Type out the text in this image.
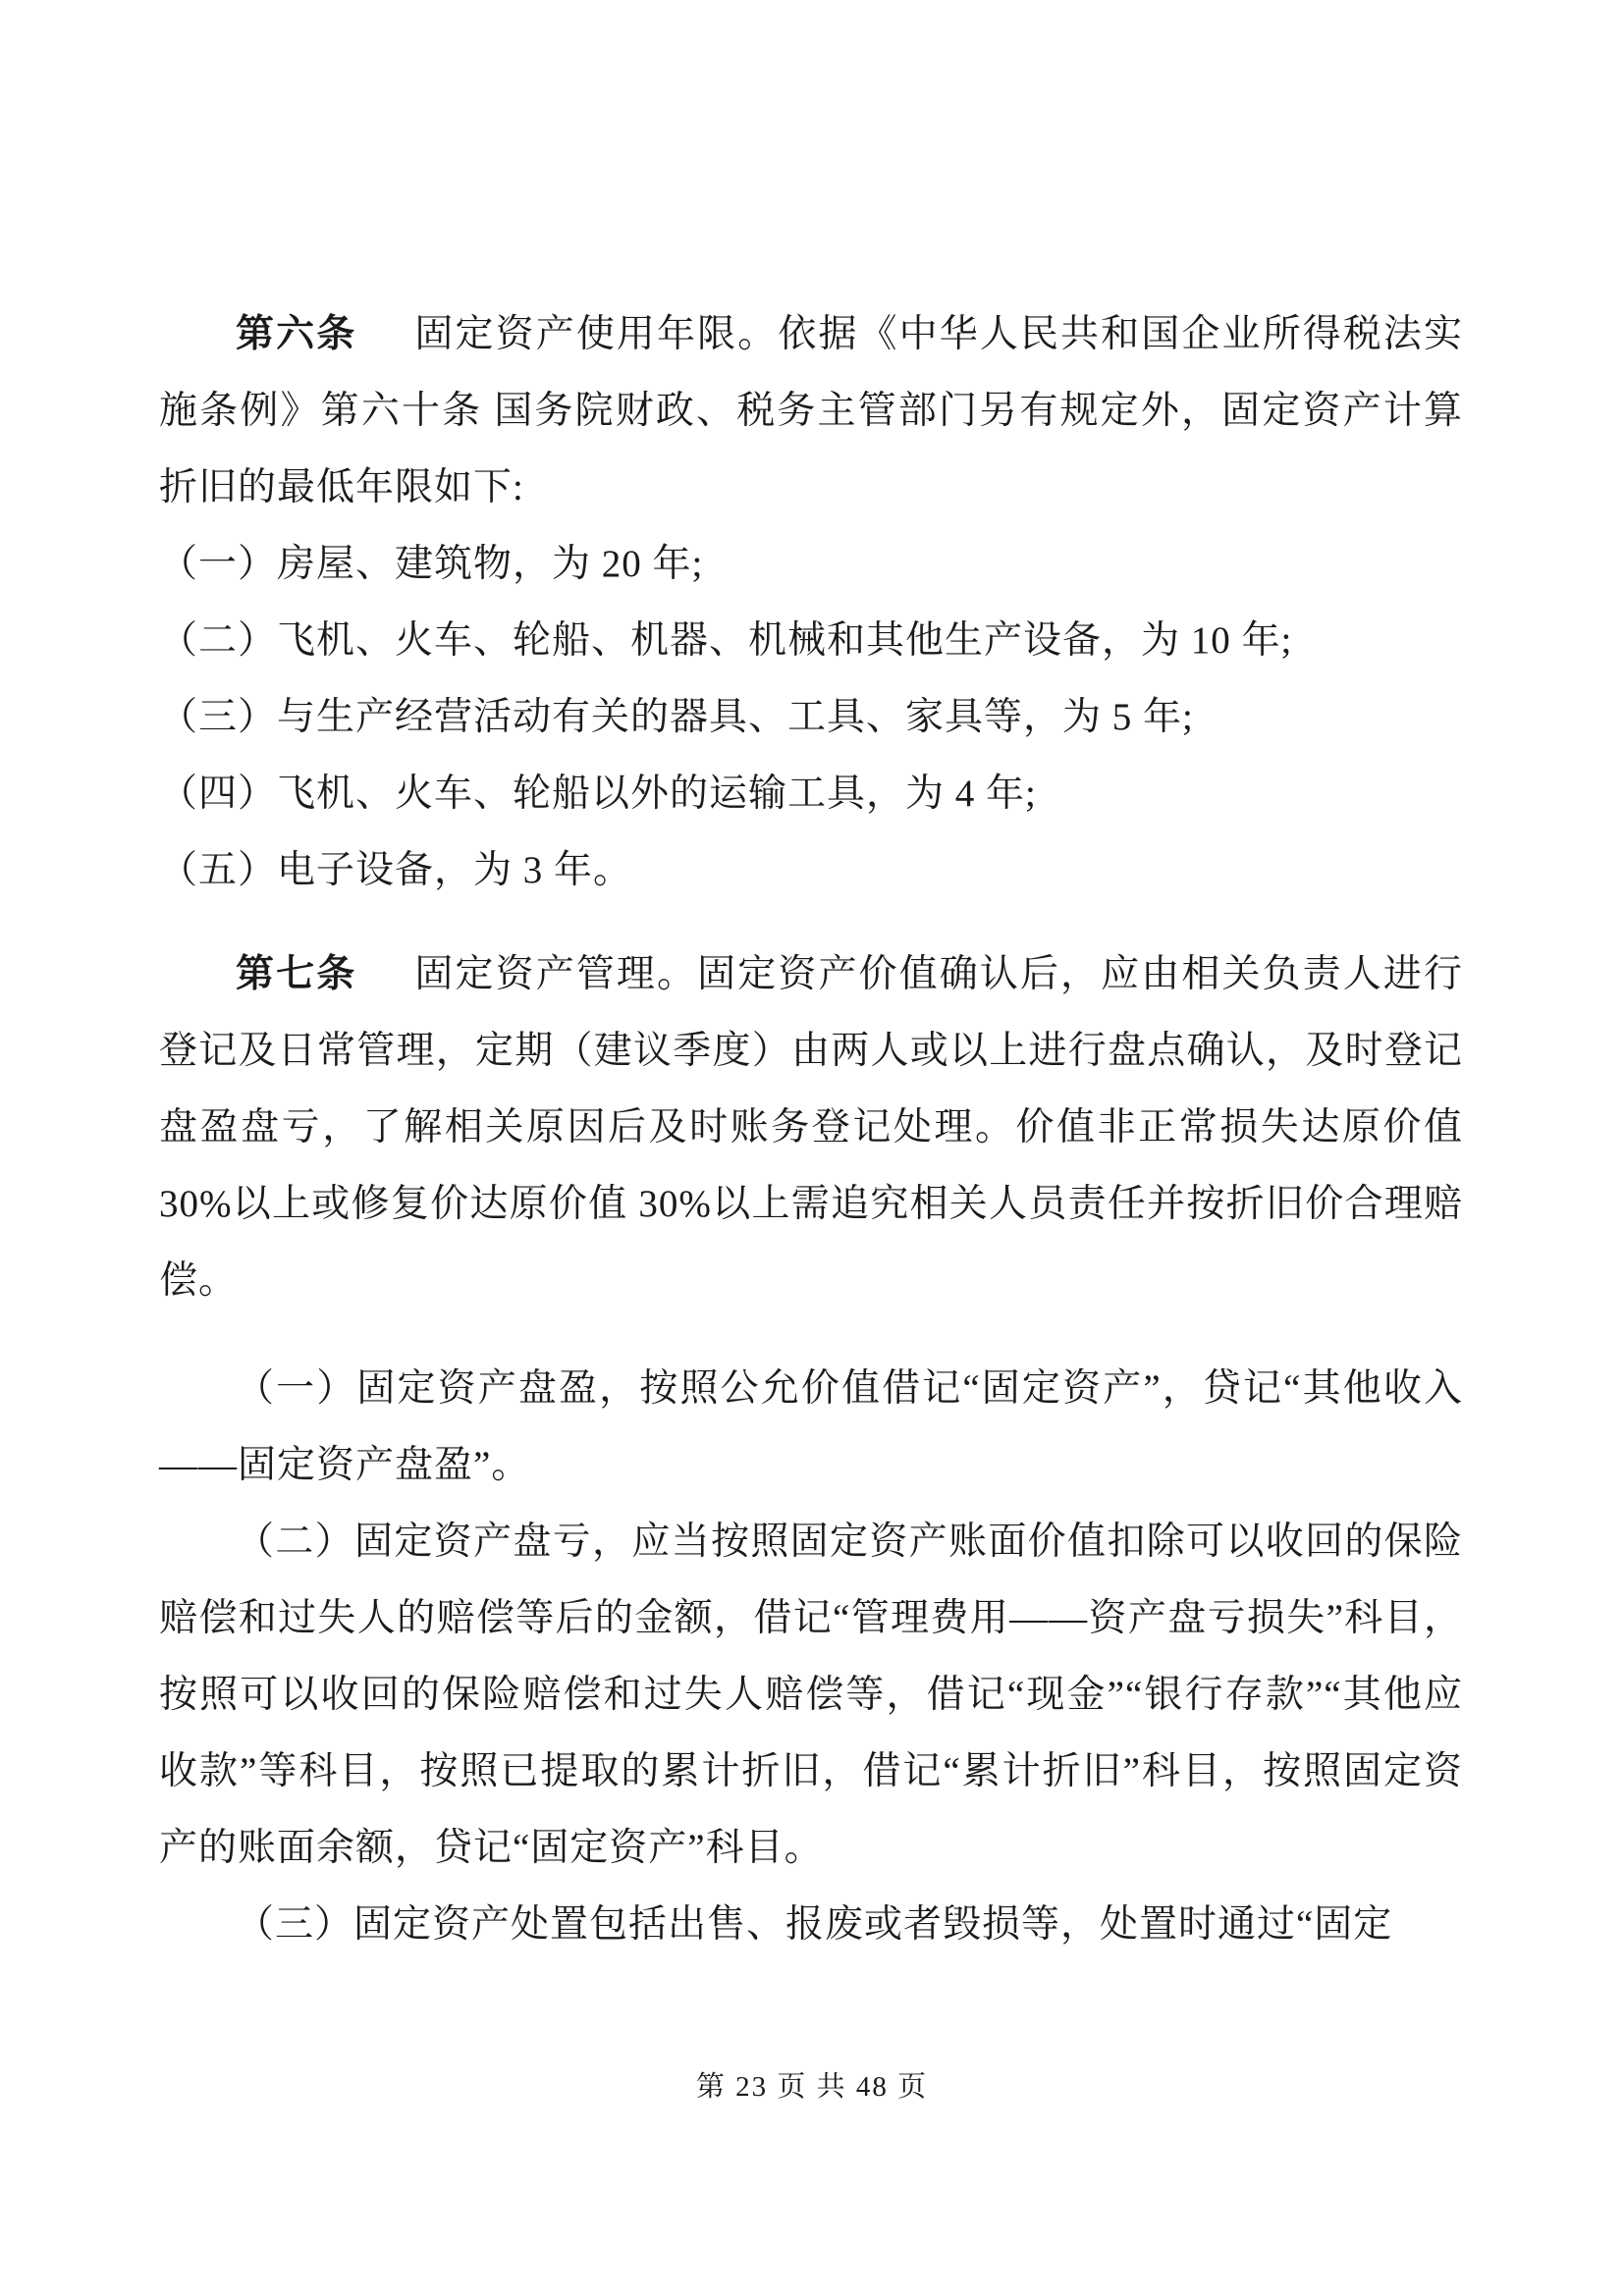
第六条 固定资产使用年限。依据《中华人民共和国企业所得税法实施条例》第六十条 国务院财政、税务主管部门另有规定外，固定资产计算折旧的最低年限如下:

（一）房屋、建筑物，为 20 年;

（二）飞机、火车、轮船、机器、机械和其他生产设备，为 10 年;

（三）与生产经营活动有关的器具、工具、家具等，为 5 年;

（四）飞机、火车、轮船以外的运输工具，为 4 年;

（五）电子设备，为 3 年。

第七条 固定资产管理。固定资产价值确认后，应由相关负责人进行登记及日常管理，定期（建议季度）由两人或以上进行盘点确认，及时登记盘盈盘亏，了解相关原因后及时账务登记处理。价值非正常损失达原价值 30%以上或修复价达原价值 30%以上需追究相关人员责任并按折旧价合理赔偿。

（一）固定资产盘盈，按照公允价值借记“固定资产”，贷记“其他收入——固定资产盘盈”。

（二）固定资产盘亏，应当按照固定资产账面价值扣除可以收回的保险赔偿和过失人的赔偿等后的金额，借记“管理费用——资产盘亏损失”科目，按照可以收回的保险赔偿和过失人赔偿等，借记“现金”“银行存款”“其他应收款”等科目，按照已提取的累计折旧，借记“累计折旧”科目，按照固定资产的账面余额，贷记“固定资产”科目。

（三）固定资产处置包括出售、报废或者毁损等，处置时通过“固定

第 23 页 共 48 页
